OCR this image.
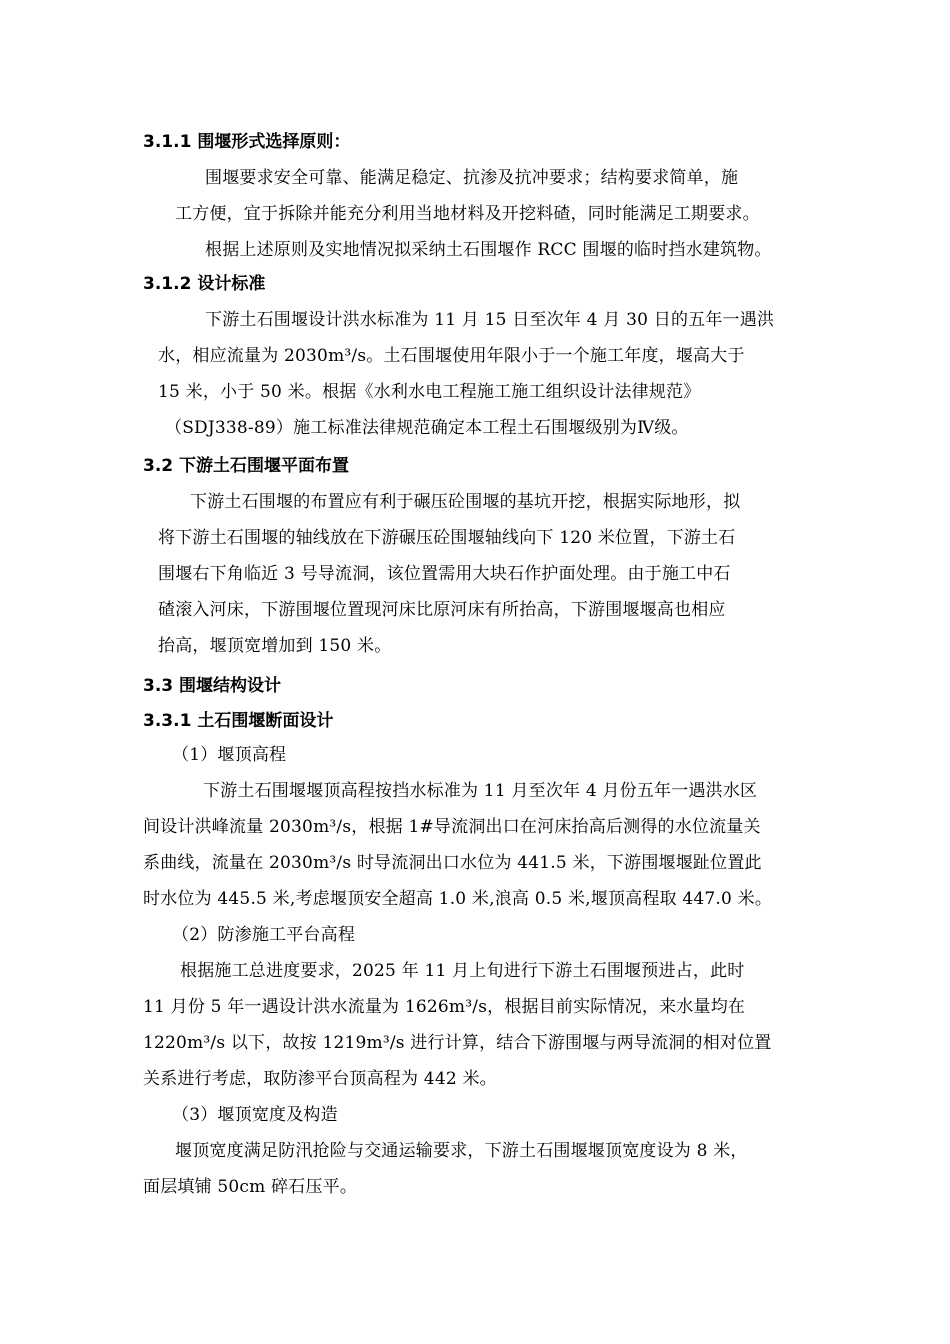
3.1.1 围堰形式选择原则：
围堰要求安全可靠、能满足稳定、抗渗及抗冲要求；结构要求简单，施
工方便，宜于拆除并能充分利用当地材料及开挖料碴，同时能满足工期要求。
根据上述原则及实地情况拟采纳土石围堰作 RCC 围堰的临时挡水建筑物。
3.1.2 设计标准
下游土石围堰设计洪水标准为 11 月 15 日至次年 4 月 30 日的五年一遇洪
水，相应流量为 2030m³/s。土石围堰使用年限小于一个施工年度，堰高大于
15 米，小于 50 米。根据《水利水电工程施工施工组织设计法律规范》
（SDJ338-89）施工标准法律规范确定本工程土石围堰级别为Ⅳ级。
3.2 下游土石围堰平面布置
下游土石围堰的布置应有利于碾压砼围堰的基坑开挖，根据实际地形，拟
将下游土石围堰的轴线放在下游碾压砼围堰轴线向下 120 米位置，下游土石
围堰右下角临近 3 号导流洞，该位置需用大块石作护面处理。由于施工中石
碴滚入河床，下游围堰位置现河床比原河床有所抬高，下游围堰堰高也相应
抬高，堰顶宽增加到 150 米。
3.3 围堰结构设计
3.3.1 土石围堰断面设计
（1）堰顶高程
下游土石围堰堰顶高程按挡水标准为 11 月至次年 4 月份五年一遇洪水区
间设计洪峰流量 2030m³/s，根据 1#导流洞出口在河床抬高后测得的水位流量关
系曲线，流量在 2030m³/s 时导流洞出口水位为 441.5 米，下游围堰堰趾位置此
时水位为 445.5 米,考虑堰顶安全超高 1.0 米,浪高 0.5 米,堰顶高程取 447.0 米。
（2）防渗施工平台高程
根据施工总进度要求，2025 年 11 月上旬进行下游土石围堰预进占，此时
11 月份 5 年一遇设计洪水流量为 1626m³/s，根据目前实际情况，来水量均在
1220m³/s 以下，故按 1219m³/s 进行计算，结合下游围堰与两导流洞的相对位置
关系进行考虑，取防渗平台顶高程为 442 米。
（3）堰顶宽度及构造
堰顶宽度满足防汛抢险与交通运输要求，下游土石围堰堰顶宽度设为 8 米，
面层填铺 50cm 碎石压平。
